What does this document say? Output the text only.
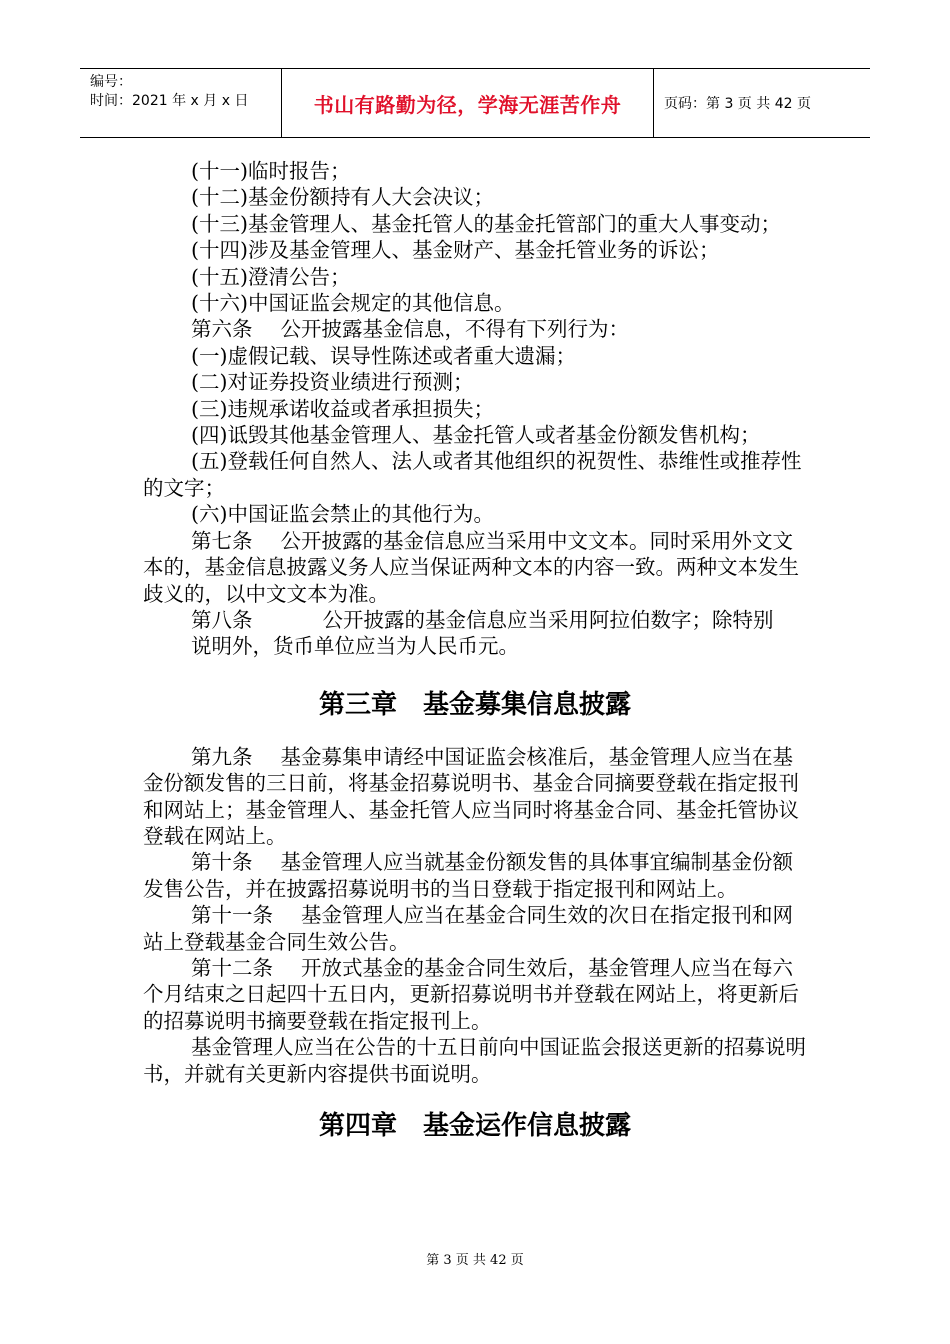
编号：
时间：2021 年 x 月 x 日	书山有路勤为径，学海无涯苦作舟	页码：第 3 页 共 42 页

(十一)临时报告；

(十二)基金份额持有人大会决议；

(十三)基金管理人、基金托管人的基金托管部门的重大人事变动；

(十四)涉及基金管理人、基金财产、基金托管业务的诉讼；

(十五)澄清公告；

(十六)中国证监会规定的其他信息。

第六条 公开披露基金信息，不得有下列行为：

(一)虚假记载、误导性陈述或者重大遗漏；

(二)对证券投资业绩进行预测；

(三)违规承诺收益或者承担损失；

(四)诋毁其他基金管理人、基金托管人或者基金份额发售机构；

(五)登载任何自然人、法人或者其他组织的祝贺性、恭维性或推荐性的文字；

(六)中国证监会禁止的其他行为。

第七条 公开披露的基金信息应当采用中文文本。同时采用外文文本的，基金信息披露义务人应当保证两种文本的内容一致。两种文本发生歧义的，以中文文本为准。

第八条	公开披露的基金信息应当采用阿拉伯数字；除特别

说明外，货币单位应当为人民币元。

第三章　基金募集信息披露

第九条 基金募集申请经中国证监会核准后，基金管理人应当在基金份额发售的三日前，将基金招募说明书、基金合同摘要登载在指定报刊和网站上；基金管理人、基金托管人应当同时将基金合同、基金托管协议登载在网站上。

第十条 基金管理人应当就基金份额发售的具体事宜编制基金份额发售公告，并在披露招募说明书的当日登载于指定报刊和网站上。

第十一条 基金管理人应当在基金合同生效的次日在指定报刊和网站上登载基金合同生效公告。

第十二条 开放式基金的基金合同生效后，基金管理人应当在每六个月结束之日起四十五日内，更新招募说明书并登载在网站上，将更新后的招募说明书摘要登载在指定报刊上。

基金管理人应当在公告的十五日前向中国证监会报送更新的招募说明书，并就有关更新内容提供书面说明。

第四章　基金运作信息披露
第 3 页 共 42 页
